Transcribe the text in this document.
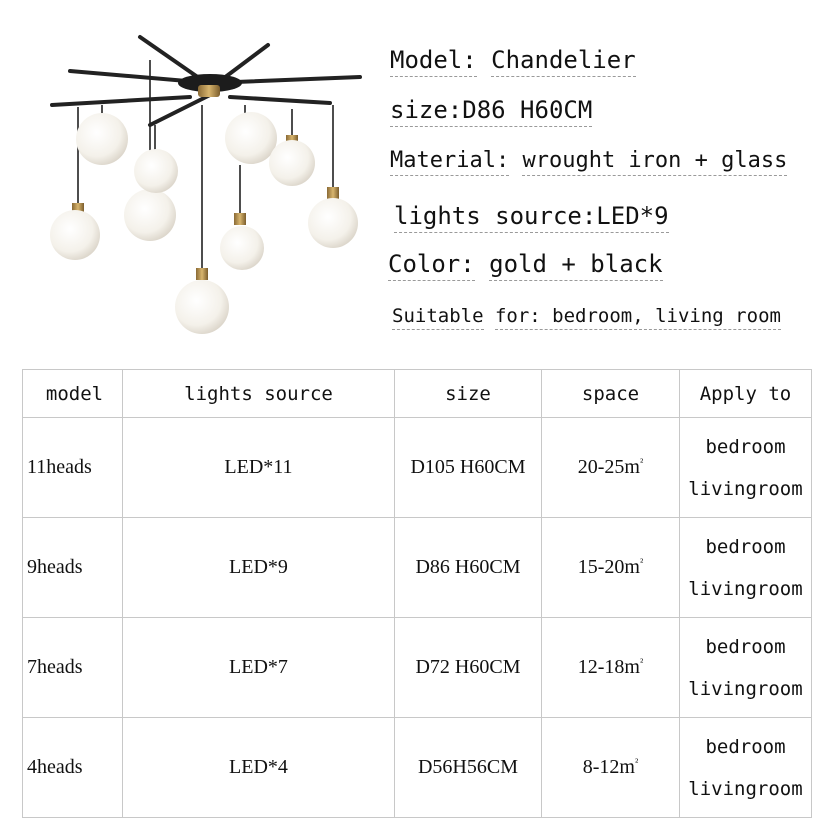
Model: Chandelier
size:D86 H60CM
Material: wrought iron + glass
lights source:LED*9
Color: gold + black
Suitable for: bedroom, living room
model	lights source	size	space	Apply to
11heads	LED*11	D105 H60CM	$20-25m^{^2}$	bedroom
livingroom

9heads	LED*9	D86 H60CM	$15-20m^{^2}$	bedroom
livingroom

7heads	LED*7	D72 H60CM	$12-18m^{^2}$	bedroom
livingroom

4heads	LED*4	D56H56CM	$8-12m^{^2}$	bedroom
livingroom
